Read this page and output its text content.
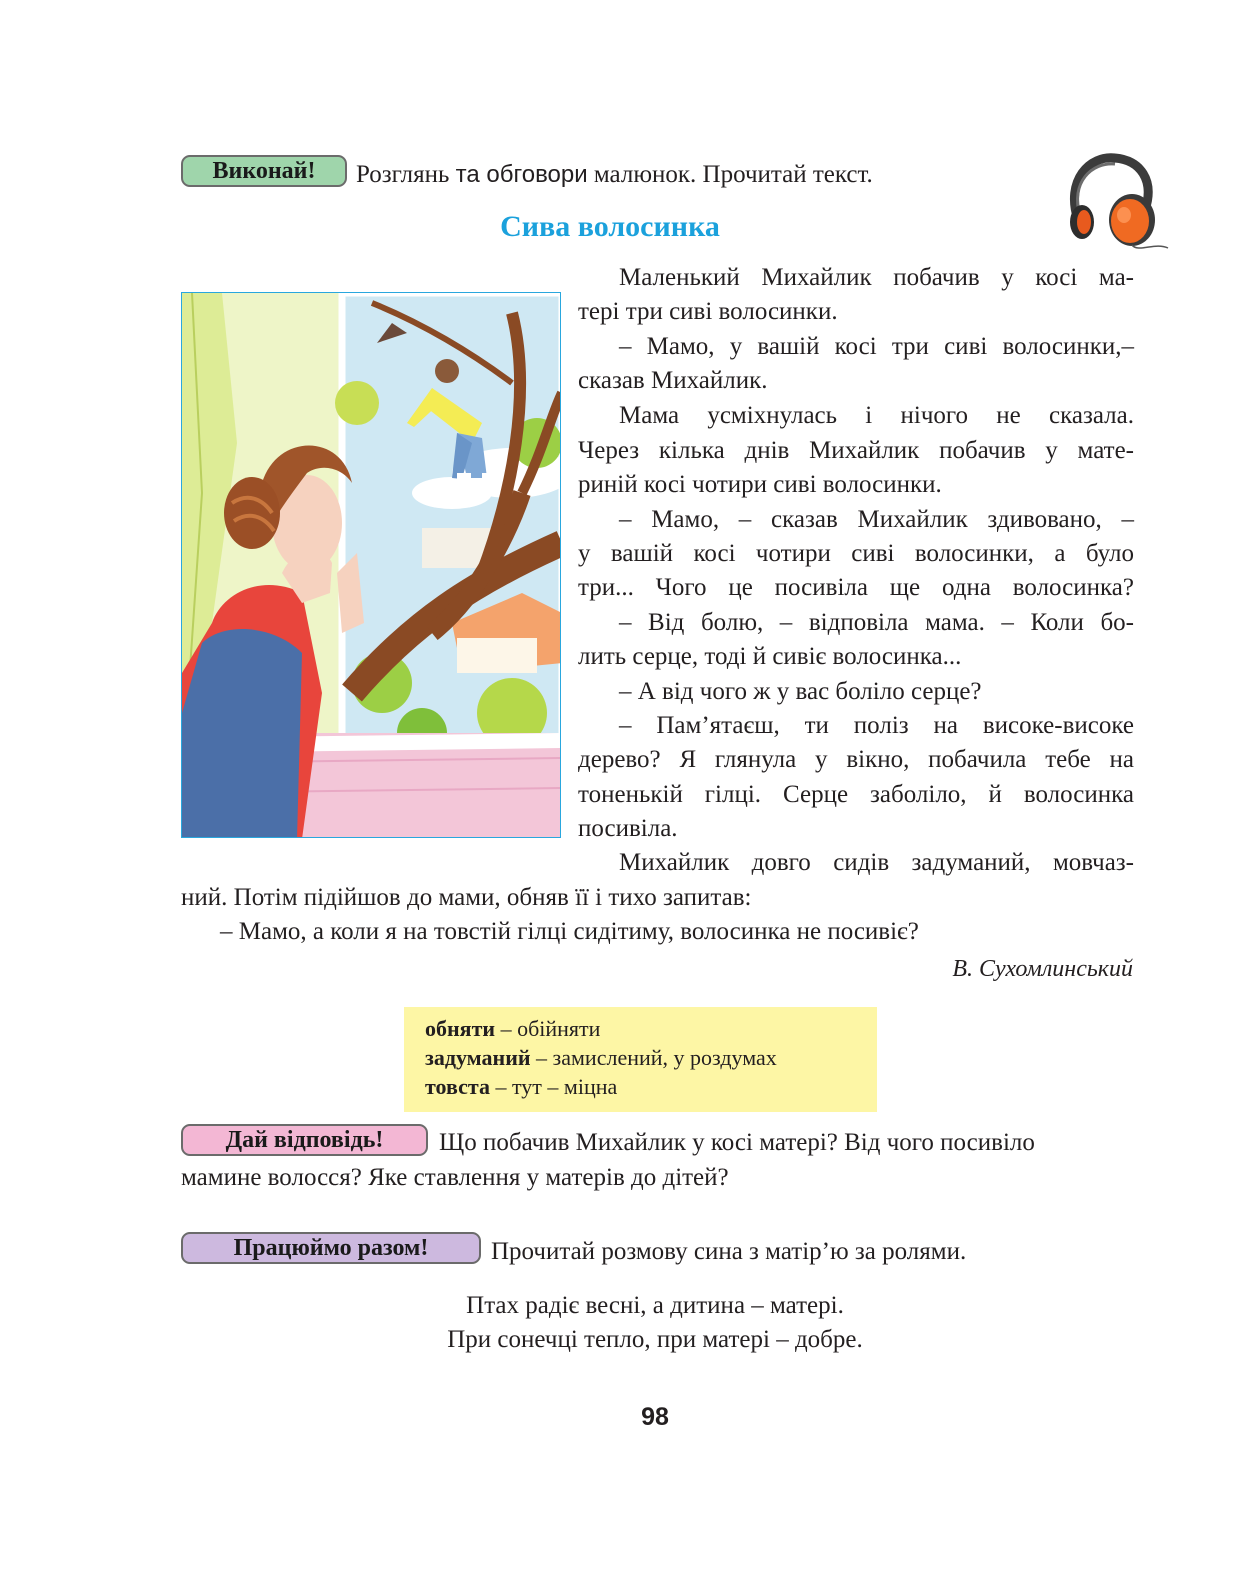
Виконай!	Розглянь та обговори малюнок. Прочитай текст.
Сива волосинка
Маленький Михайлик побачив у косі ма-
тері три сиві волосинки.
– Мамо, у вашій косі три сиві волосинки,–
сказав Михайлик.
Мама усміхнулась і нічого не сказала.
Через кілька днів Михайлик побачив у мате-
риній косі чотири сиві волосинки.
– Мамо, – сказав Михайлик здивовано, –
у вашій косі чотири сиві волосинки, а було
три... Чого це посивіла ще одна волосинка?
– Від болю, – відповіла мама. – Коли бо-
лить серце, тоді й сивіє волосинка...
– А від чого ж у вас боліло серце?
– Пам’ятаєш, ти поліз на високе-високе
дерево? Я глянула у вікно, побачила тебе на
тоненькій гілці. Серце заболіло, й волосинка
посивіла.
Михайлик довго сидів задуманий, мовчаз-
ний. Потім підійшов до мами, обняв її і тихо запитав:
– Мамо, а коли я на товстій гілці сидітиму, волосинка не посивіє?
В. Сухомлинський
обняти – обійняти
задуманий – замислений, у роздумах
товста – тут – міцна
Дай відповідь!	Що побачив Михайлик у косі матері? Від чого посивіло
мамине волосся? Яке ставлення у матерів до дітей?
Працюймо разом!	Прочитай розмову сина з матір’ю за ролями.
Птах радіє весні, а дитина – матері.
При сонечці тепло, при матері – добре.
98
